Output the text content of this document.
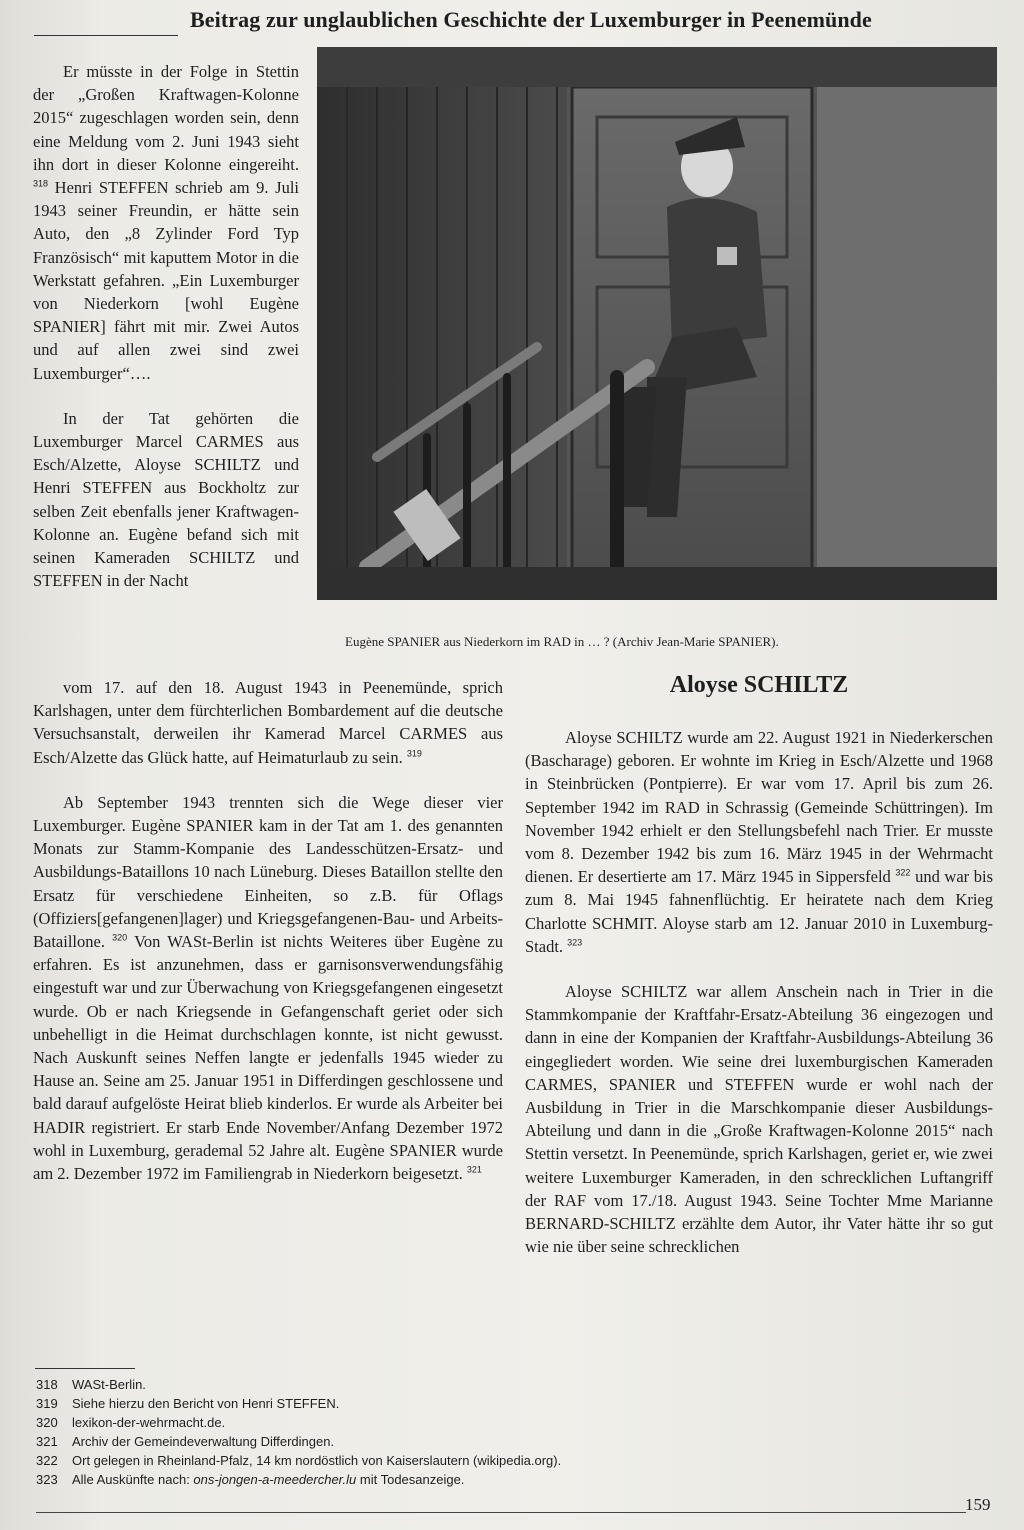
Beitrag zur unglaublichen Geschichte der Luxemburger in Peenemünde

Er müsste in der Folge in Stettin der „Großen Kraftwagen-Kolonne 2015“ zugeschlagen worden sein, denn eine Meldung vom 2. Juni 1943 sieht ihn dort in dieser Kolonne eingereiht. $^{318}$ Henri STEFFEN schrieb am 9. Juli 1943 seiner Freundin, er hätte sein Auto, den „8 Zylinder Ford Typ Französisch“ mit kaputtem Motor in die Werkstatt gefahren. „Ein Luxemburger von Niederkorn [wohl Eugène SPANIER] fährt mit mir. Zwei Autos und auf allen zwei sind zwei Luxemburger“….

In der Tat gehörten die Luxemburger Marcel CARMES aus Esch/Alzette, Aloyse SCHILTZ und Henri STEFFEN aus Bockholtz zur selben Zeit ebenfalls jener Kraftwagen-Kolonne an. Eugène befand sich mit seinen Kameraden SCHILTZ und STEFFEN in der Nacht

Eugène SPANIER aus Niederkorn im RAD in … ? (Archiv Jean-Marie SPANIER).

vom 17. auf den 18. August 1943 in Peenemünde, sprich Karlshagen, unter dem fürchterlichen Bombardement auf die deutsche Versuchsanstalt, derweilen ihr Kamerad Marcel CARMES aus Esch/Alzette das Glück hatte, auf Heimaturlaub zu sein. $^{319}$

Ab September 1943 trennten sich die Wege dieser vier Luxemburger. Eugène SPANIER kam in der Tat am 1. des genannten Monats zur Stamm-Kompanie des Landesschützen-Ersatz- und Ausbildungs-Bataillons 10 nach Lüneburg. Dieses Bataillon stellte den Ersatz für verschiedene Einheiten, so z.B. für Oflags (Offiziers[gefangenen]lager) und Kriegsgefangenen-Bau- und Arbeits-Bataillone. $^{320}$ Von WASt-Berlin ist nichts Weiteres über Eugène zu erfahren. Es ist anzunehmen, dass er garnisonsverwendungsfähig eingestuft war und zur Überwachung von Kriegsgefangenen eingesetzt wurde. Ob er nach Kriegsende in Gefangenschaft geriet oder sich unbehelligt in die Heimat durchschlagen konnte, ist nicht gewusst. Nach Auskunft seines Neffen langte er jedenfalls 1945 wieder zu Hause an. Seine am 25. Januar 1951 in Differdingen geschlossene und bald darauf aufgelöste Heirat blieb kinderlos. Er wurde als Arbeiter bei HADIR registriert. Er starb Ende November/Anfang Dezember 1972 wohl in Luxemburg, gerademal 52 Jahre alt. Eugène SPANIER wurde am 2. Dezember 1972 im Familiengrab in Niederkorn beigesetzt. $^{321}$

Aloyse SCHILTZ

Aloyse SCHILTZ wurde am 22. August 1921 in Niederkerschen (Bascharage) geboren. Er wohnte im Krieg in Esch/Alzette und 1968 in Steinbrücken (Pontpierre). Er war vom 17. April bis zum 26. September 1942 im RAD in Schrassig (Gemeinde Schüttringen). Im November 1942 erhielt er den Stellungsbefehl nach Trier. Er musste vom 8. Dezember 1942 bis zum 16. März 1945 in der Wehrmacht dienen. Er desertierte am 17. März 1945 in Sippersfeld $^{322}$ und war bis zum 8. Mai 1945 fahnenflüchtig. Er heiratete nach dem Krieg Charlotte SCHMIT. Aloyse starb am 12. Januar 2010 in Luxemburg-Stadt. $^{323}$

Aloyse SCHILTZ war allem Anschein nach in Trier in die Stammkompanie der Kraftfahr-Ersatz-Abteilung 36 eingezogen und dann in eine der Kompanien der Kraftfahr-Ausbildungs-Abteilung 36 eingegliedert worden. Wie seine drei luxemburgischen Kameraden CARMES, SPANIER und STEFFEN wurde er wohl nach der Ausbildung in Trier in die Marschkompanie dieser Ausbildungs-Abteilung und dann in die „Große Kraftwagen-Kolonne 2015“ nach Stettin versetzt. In Peenemünde, sprich Karlshagen, geriet er, wie zwei weitere Luxemburger Kameraden, in den schrecklichen Luftangriff der RAF vom 17./18. August 1943. Seine Tochter Mme Marianne BERNARD-SCHILTZ erzählte dem Autor, ihr Vater hätte ihr so gut wie nie über seine schrecklichen

318	WASt-Berlin.
319	Siehe hierzu den Bericht von Henri STEFFEN.
320	lexikon-der-wehrmacht.de.
321	Archiv der Gemeindeverwaltung Differdingen.
322	Ort gelegen in Rheinland-Pfalz, 14 km nordöstlich von Kaiserslautern (wikipedia.org).
323	Alle Auskünfte nach: ons-jongen-a-meedercher.lu mit Todesanzeige.
159
